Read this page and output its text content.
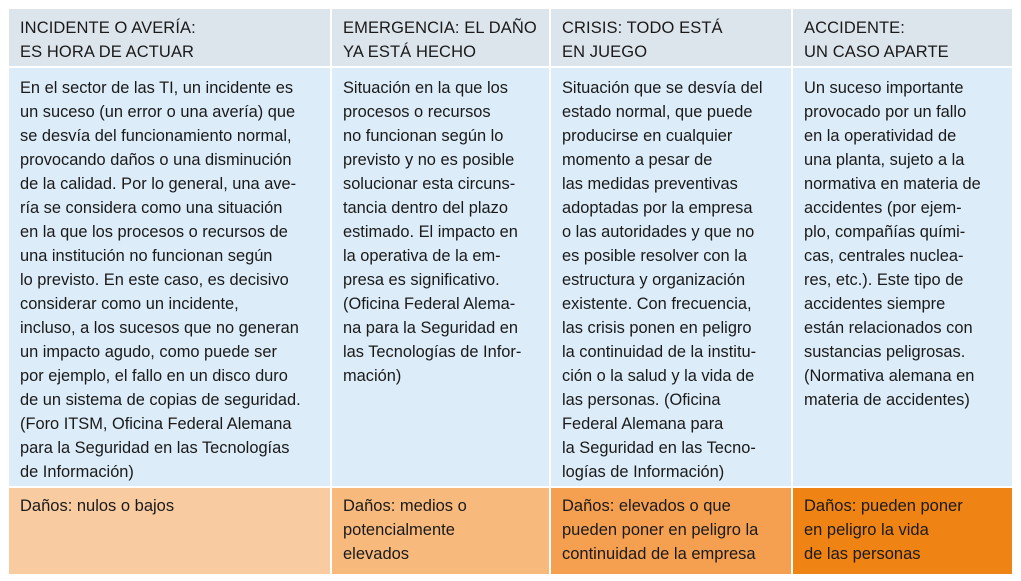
INCIDENTE O AVERÍA:
ES HORA DE ACTUAR
EMERGENCIA: EL DAÑO
YA ESTÁ HECHO
CRISIS: TODO ESTÁ
EN JUEGO
ACCIDENTE:
UN CASO APARTE
En el sector de las TI, un incidente es
un suceso (un error o una avería) que
se desvía del funcionamiento normal,
provocando daños o una disminución
de la calidad. Por lo general, una ave-
ría se considera como una situación
en la que los procesos o recursos de
una institución no funcionan según
lo previsto. En este caso, es decisivo
considerar como un incidente,
incluso, a los sucesos que no generan
un impacto agudo, como puede ser
por ejemplo, el fallo en un disco duro
de un sistema de copias de seguridad.
(Foro ITSM, Oficina Federal Alemana
para la Seguridad en las Tecnologías
de Información)
Situación en la que los
procesos o recursos
no funcionan según lo
previsto y no es posible
solucionar esta circuns-
tancia dentro del plazo
estimado. El impacto en
la operativa de la em-
presa es significativo.
(Oficina Federal Alema-
na para la Seguridad en
las Tecnologías de Infor-
mación)
Situación que se desvía del
estado normal, que puede
producirse en cualquier
momento a pesar de
las medidas preventivas
adoptadas por la empresa
o las autoridades y que no
es posible resolver con la
estructura y organización
existente. Con frecuencia,
las crisis ponen en peligro
la continuidad de la institu-
ción o la salud y la vida de
las personas. (Oficina
Federal Alemana para
la Seguridad en las Tecno-
logías de Información)
Un suceso importante
provocado por un fallo
en la operatividad de
una planta, sujeto a la
normativa en materia de
accidentes (por ejem-
plo, compañías quími-
cas, centrales nuclea-
res, etc.). Este tipo de
accidentes siempre
están relacionados con
sustancias peligrosas.
(Normativa alemana en
materia de accidentes)
Daños: nulos o bajos	Daños: medios o
potencialmente
elevados
Daños: elevados o que
pueden poner en peligro la
continuidad de la empresa
Daños: pueden poner
en peligro la vida
de las personas
